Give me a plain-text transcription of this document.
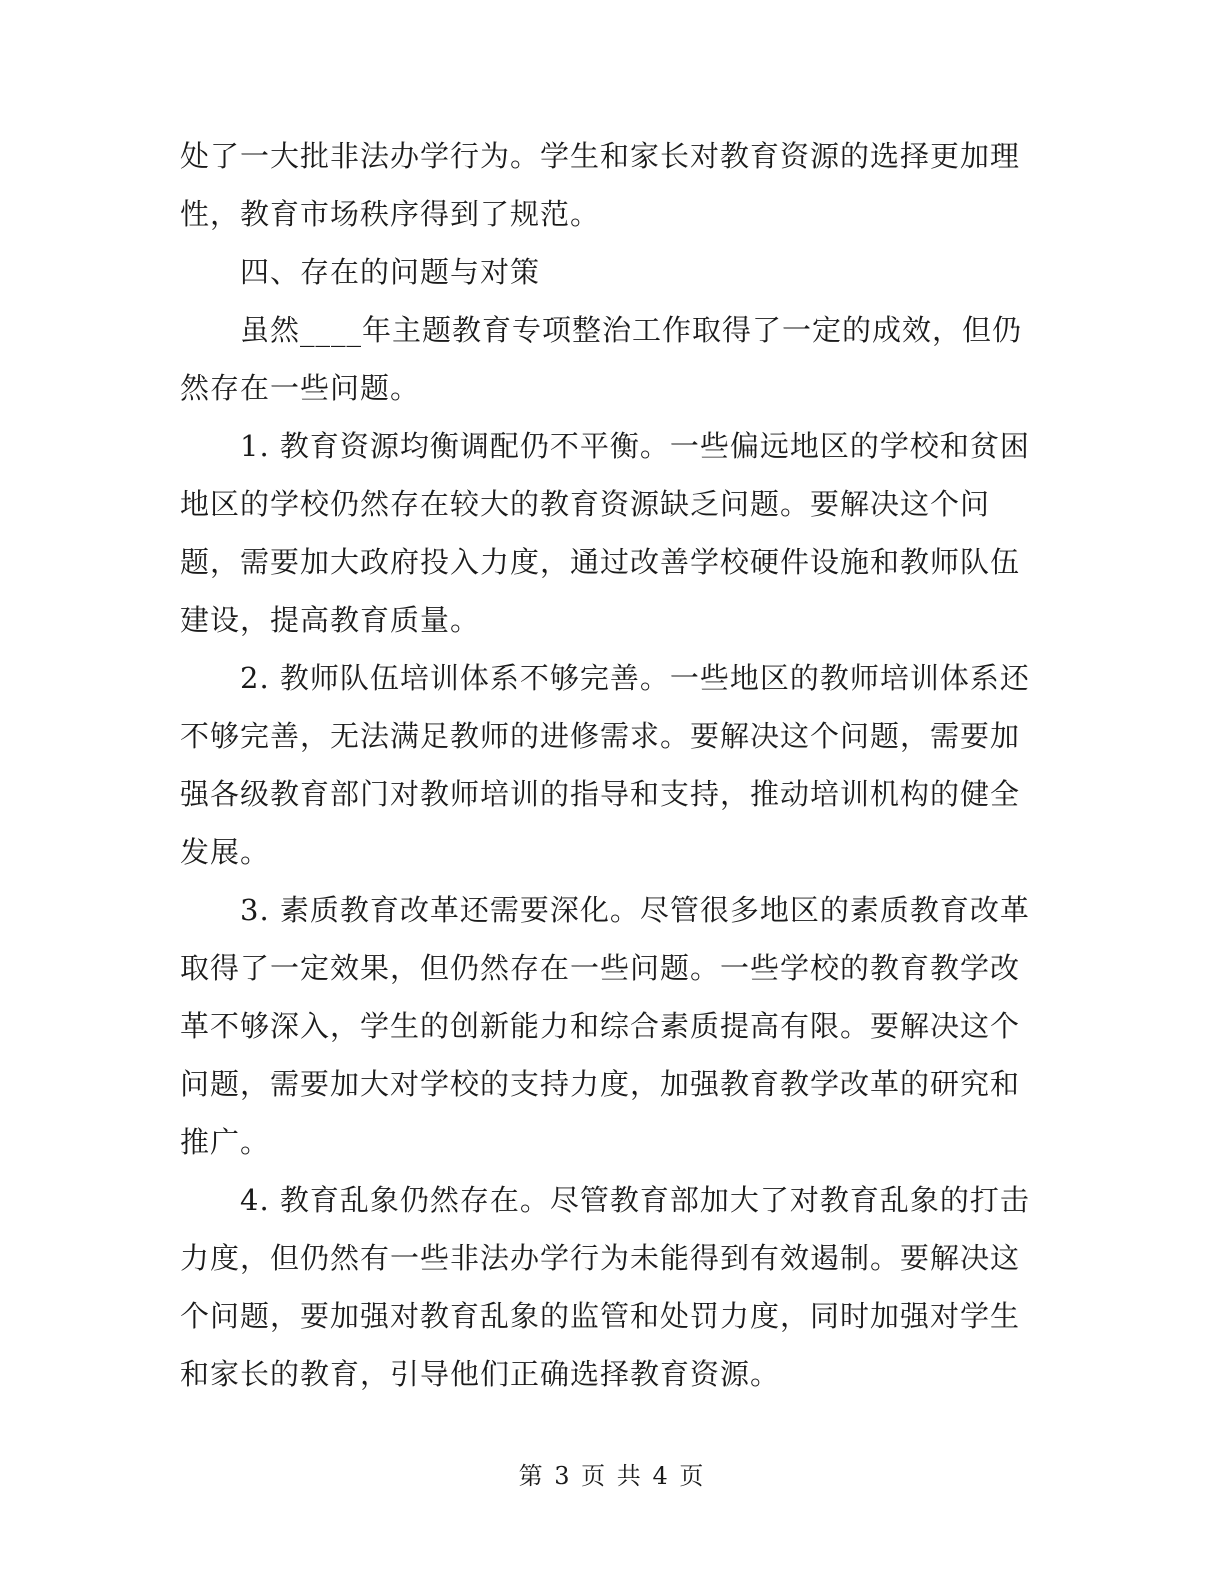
处了一大批非法办学行为。学生和家长对教育资源的选择更加理
性，教育市场秩序得到了规范。
四、存在的问题与对策
虽然____年主题教育专项整治工作取得了一定的成效，但仍
然存在一些问题。
1. 教育资源均衡调配仍不平衡。一些偏远地区的学校和贫困
地区的学校仍然存在较大的教育资源缺乏问题。要解决这个问
题，需要加大政府投入力度，通过改善学校硬件设施和教师队伍
建设，提高教育质量。
2. 教师队伍培训体系不够完善。一些地区的教师培训体系还
不够完善，无法满足教师的进修需求。要解决这个问题，需要加
强各级教育部门对教师培训的指导和支持，推动培训机构的健全
发展。
3. 素质教育改革还需要深化。尽管很多地区的素质教育改革
取得了一定效果，但仍然存在一些问题。一些学校的教育教学改
革不够深入，学生的创新能力和综合素质提高有限。要解决这个
问题，需要加大对学校的支持力度，加强教育教学改革的研究和
推广。
4. 教育乱象仍然存在。尽管教育部加大了对教育乱象的打击
力度，但仍然有一些非法办学行为未能得到有效遏制。要解决这
个问题，要加强对教育乱象的监管和处罚力度，同时加强对学生
和家长的教育，引导他们正确选择教育资源。
第 3 页 共 4 页
